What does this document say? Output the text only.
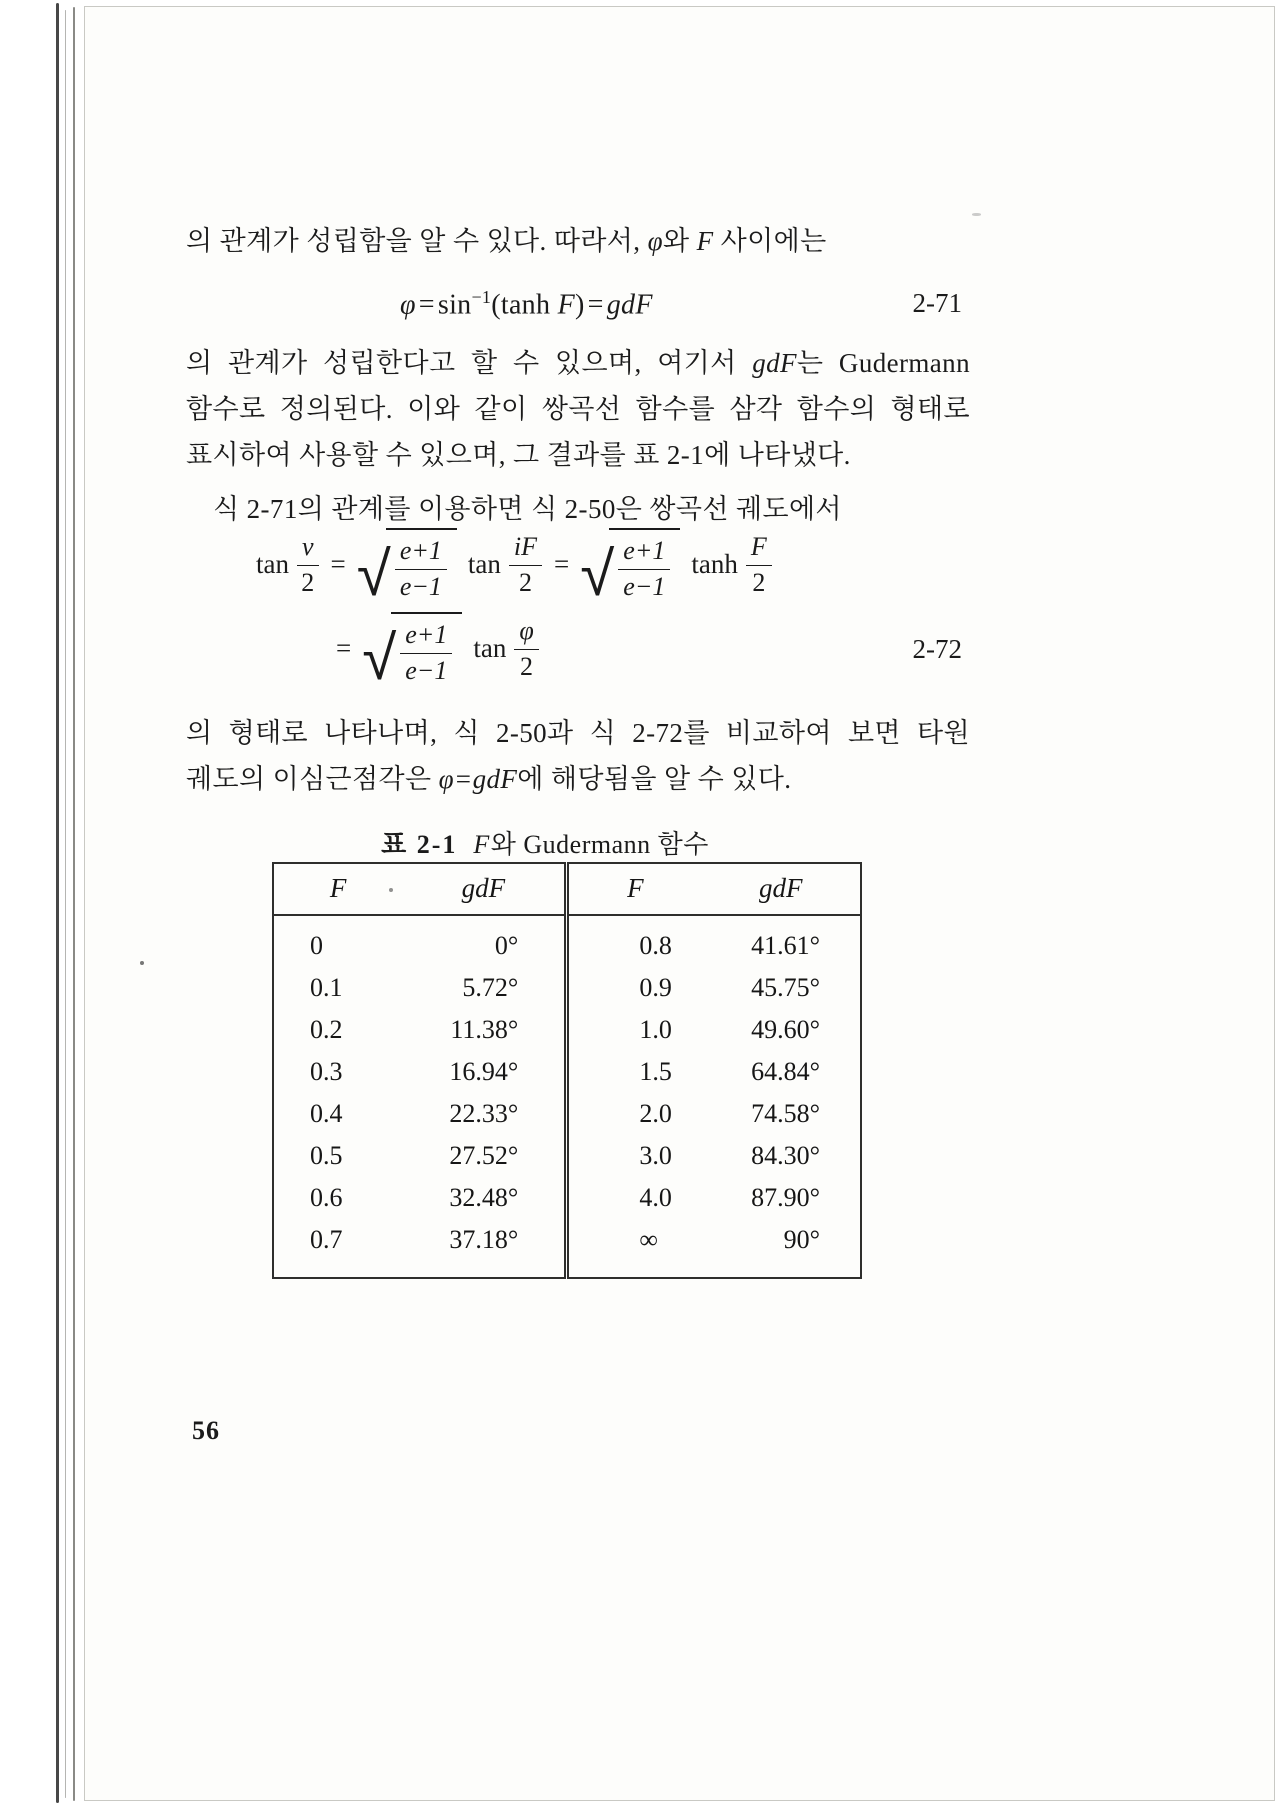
의 관계가 성립함을 알 수 있다. 따라서, φ와 F 사이에는
φ = sin$^{-1}$(tanh F) = gdF	2-71
의 관계가 성립한다고 할 수 있으며, 여기서 gdF는 Gudermann 함수로 정의된다. 이와 같이 쌍곡선 함수를 삼각 함수의 형태로 표시하여 사용할 수 있으며, 그 결과를 표 2-1에 나타냈다.
식 2-71의 관계를 이용하면 식 2-50은 쌍곡선 궤도에서
$\tan \frac{\nu}{2}$ = √ $\frac{e+1}{e-1}$ $\tan \frac{iF}{2}$ = √ $\frac{e+1}{e-1}$ $\tanh \frac{F}{2}$
= √ $\frac{e+1}{e-1}$ $\tan \frac{\varphi}{2}$	2-72
의 형태로 나타나며, 식 2-50과 식 2-72를 비교하여 보면 타원 궤도의 이심근점각은 φ=gdF에 해당됨을 알 수 있다.
표 2-1 F와 Gudermann 함수
F	gdF	F	gdF
0	0°	0.8	41.61°
0.1	5.72°	0.9	45.75°
0.2	11.38°	1.0	49.60°
0.3	16.94°	1.5	64.84°
0.4	22.33°	2.0	74.58°
0.5	27.52°	3.0	84.30°
0.6	32.48°	4.0	87.90°
0.7	37.18°	∞	90°
56
